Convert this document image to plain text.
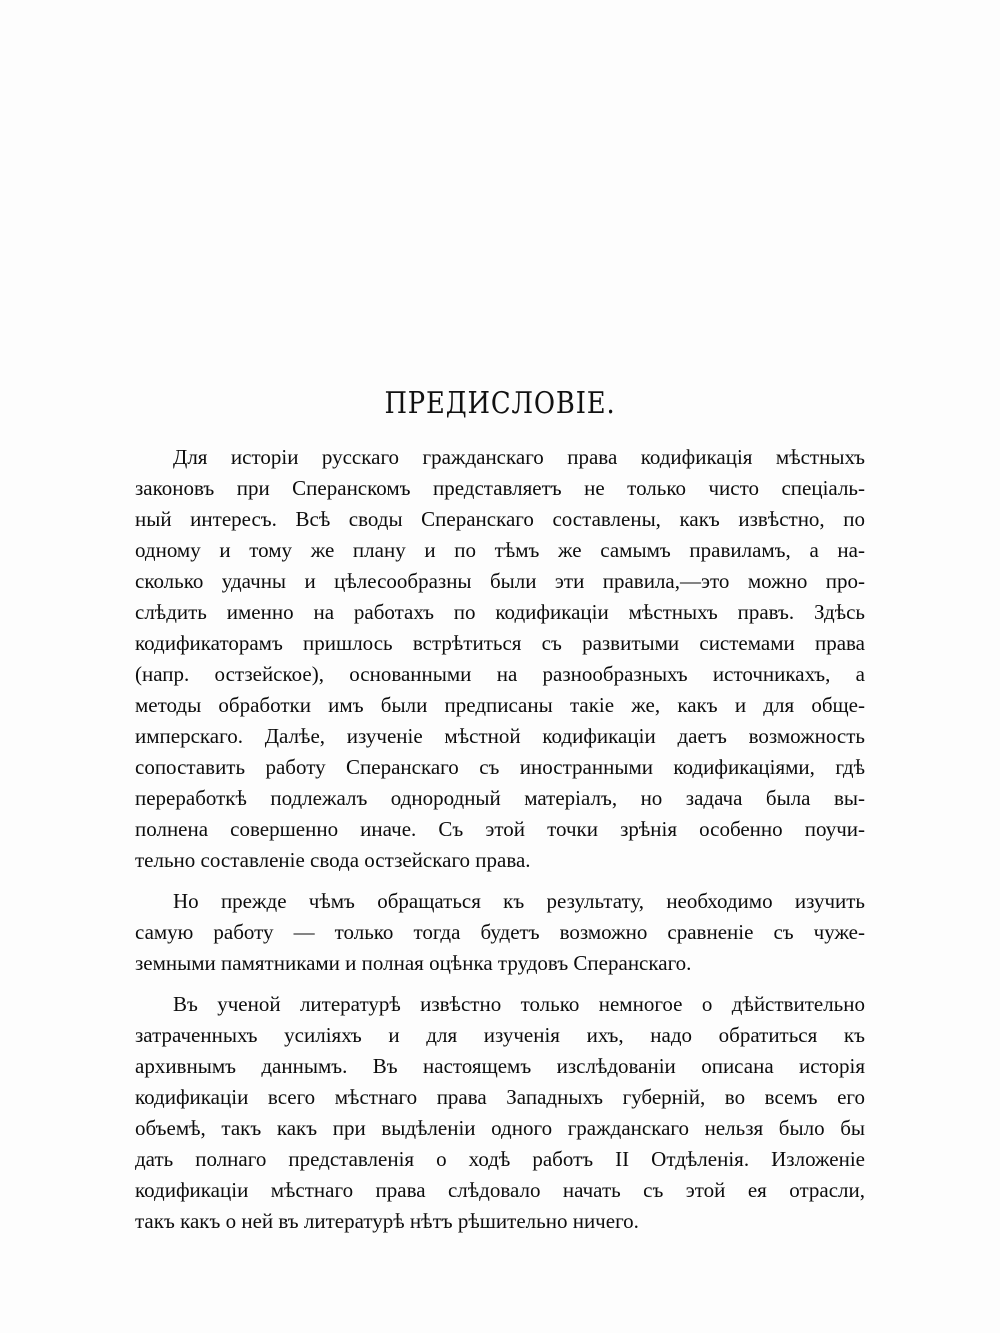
ПРЕДИСЛОВІЕ.
Для исторіи русскаго гражданскаго права кодификація мѣстныхъ
законовъ при Сперанскомъ представляетъ не только чисто спеціаль-
ный интересъ. Всѣ своды Сперанскаго составлены, какъ извѣстно, по
одному и тому же плану и по тѣмъ же самымъ правиламъ, а на-
сколько удачны и цѣлесообразны были эти правила,—это можно про-
слѣдить именно на работахъ по кодификаціи мѣстныхъ правъ. Здѣсь
кодификаторамъ пришлось встрѣтиться съ развитыми системами права
(напр. остзейское), основанными на разнообразныхъ источникахъ, а
методы обработки имъ были предписаны такіе же, какъ и для обще-
имперскаго. Далѣе, изученіе мѣстной кодификаціи даетъ возможность
сопоставить работу Сперанскаго съ иностранными кодификаціями, гдѣ
переработкѣ подлежалъ однородный матеріалъ, но задача была вы-
полнена совершенно иначе. Съ этой точки зрѣнія особенно поучи-
тельно составленіе свода остзейскаго права.
Но прежде чѣмъ обращаться къ результату, необходимо изучить
самую работу — только тогда будетъ возможно сравненіе съ чуже-
земными памятниками и полная оцѣнка трудовъ Сперанскаго.
Въ ученой литературѣ извѣстно только немногое о дѣйствительно
затраченныхъ усиліяхъ и для изученія ихъ, надо обратиться къ
архивнымъ даннымъ. Въ настоящемъ изслѣдованіи описана исторія
кодификаціи всего мѣстнаго права Западныхъ губерній, во всемъ его
объемѣ, такъ какъ при выдѣленіи одного гражданскаго нельзя было бы
дать полнаго представленія о ходѣ работъ II Отдѣленія. Изложеніе
кодификаціи мѣстнаго права слѣдовало начать съ этой ея отрасли,
такъ какъ о ней въ литературѣ нѣтъ рѣшительно ничего.
